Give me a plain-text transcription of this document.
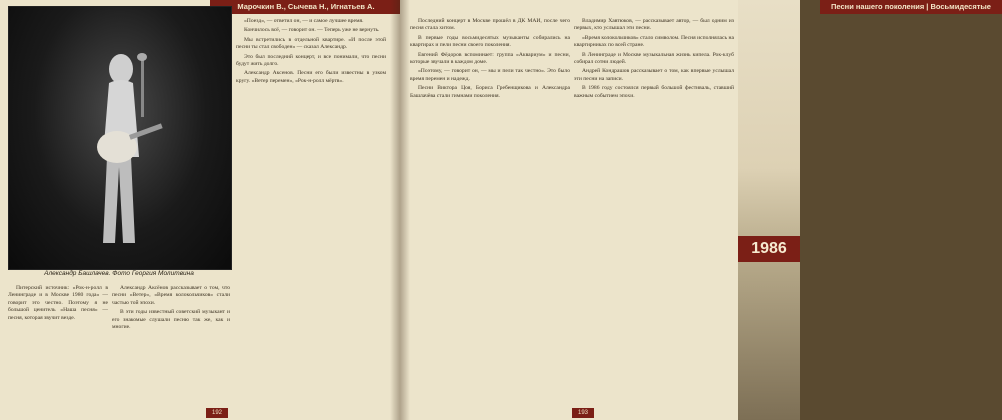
Марочкин В., Сычева Н., Игнатьев А.
Александр Башлачев. Фото Георгия Молитвина

Питерский источник: «Рок-н-ролл в Ленинграде и в Москве 1980 года» — говорит это честно. Поэтому я не большой ценитель «Наша песня» — песня, которая звучит везде.

Александр Аксёнов рассказывает о том, что песни «Ветер», «Время колокольчиков» стали частью той эпохи.

В эти годы известный советский музыкант и его знакомые слушали песню так же, как и многие.

«Поезд», — ответил он, — и самое лучшее время.

Кончилось всё, — говорит он. — Теперь уже не вернуть.

Мы встретились в отдельной квартире. «И после этой песни ты стал свободен» — сказал Александр.

Это был последний концерт, и все понимали, что песни будут жить долго.

Александр Аксенов. Песни его были известны в узком кругу. «Ветер перемен», «Рок-н-ролл мёртв».

192
Песни нашего поколения | Восьмидесятые

Последний концерт в Москве прошёл в ДК МАИ, после чего песня стала хитом.

В первые годы восьмидесятых музыканты собирались на квартирах и пели песни своего поколения.

Евгений Фёдоров вспоминает: группа «Аквариум» и песни, которые звучали в каждом доме.

«Поэтому, — говорит он, — мы и пели так честно». Это было время перемен и надежд.

Песни Виктора Цоя, Бориса Гребенщикова и Александра Башлачёва стали гимнами поколения.

Владимир Хавтюков, — рассказывает автор, — был одним из первых, кто услышал эти песни.

«Время колокольчиков» стало символом. Песня исполнялась на квартирниках по всей стране.

В Ленинграде и Москве музыкальная жизнь кипела. Рок-клуб собирал сотни людей.

Андрей Кондрашов рассказывает о том, как впервые услышал эти песни на записи.

В 1986 году состоялся первый большой фестиваль, ставший важным событием эпохи.

1986
193
